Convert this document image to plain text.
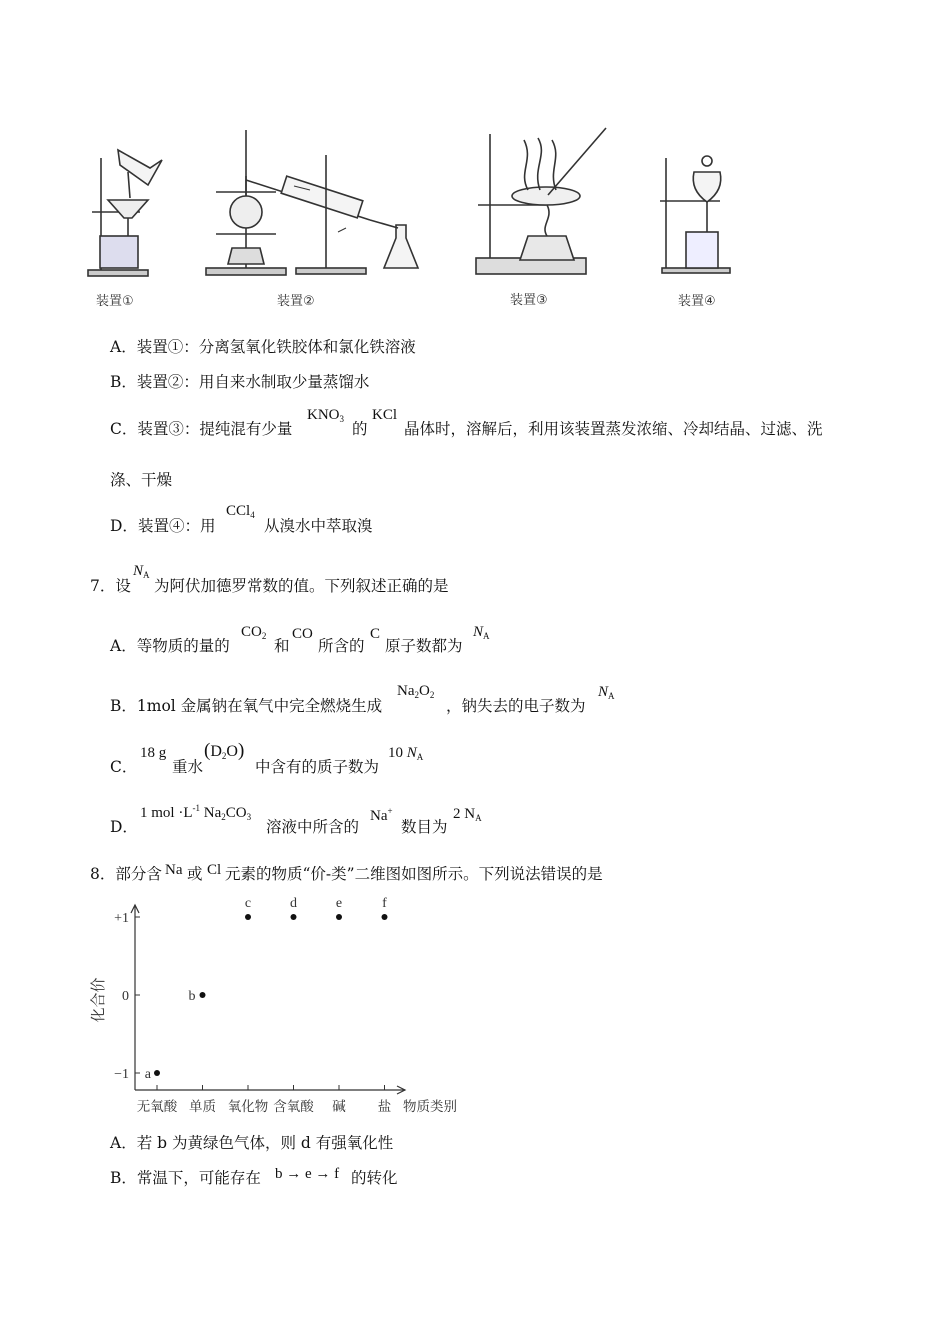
装置①	装置②	装置③	装置④
A．装置①：分离氢氧化铁胶体和氯化铁溶液
B．装置②：用自来水制取少量蒸馏水
C．装置③：提纯混有少量
$KNO_3$
的
KCl
晶体时，溶解后，利用该装置蒸发浓缩、冷却结晶、过滤、洗
涤、干燥
D．装置④：用
CCl$_4$
从溴水中萃取溴
7．设
$N_A$
为阿伏加德罗常数的值。下列叙述正确的是
A．等物质的量的
$CO_2$
和
CO
所含的
C
原子数都为
$N_A$
B．1mol 金属钠在氧气中完全燃烧生成
$Na_2O_2$
，钠失去的电子数为
$N_A$
C．
18 g
重水
$(D_2O)$
中含有的质子数为
10 $N_A$
D．
1 mol $\cdot L^{-1}$ $Na_2CO_3$
溶液中所含的
Na+
数目为
2 $N_A$
8．部分含 Na 或 Cl 元素的物质“价-类”二维图如图所示。下列说法错误的是
+1
0
−1
化合价
无氧酸 单质 氧化物 含氧酸 碱 盐 物质类别
a
b
c	d	e	f
A．若 b 为黄绿色气体，则 d 有强氧化性
B．常温下，可能存在 b → e → f 的转化
